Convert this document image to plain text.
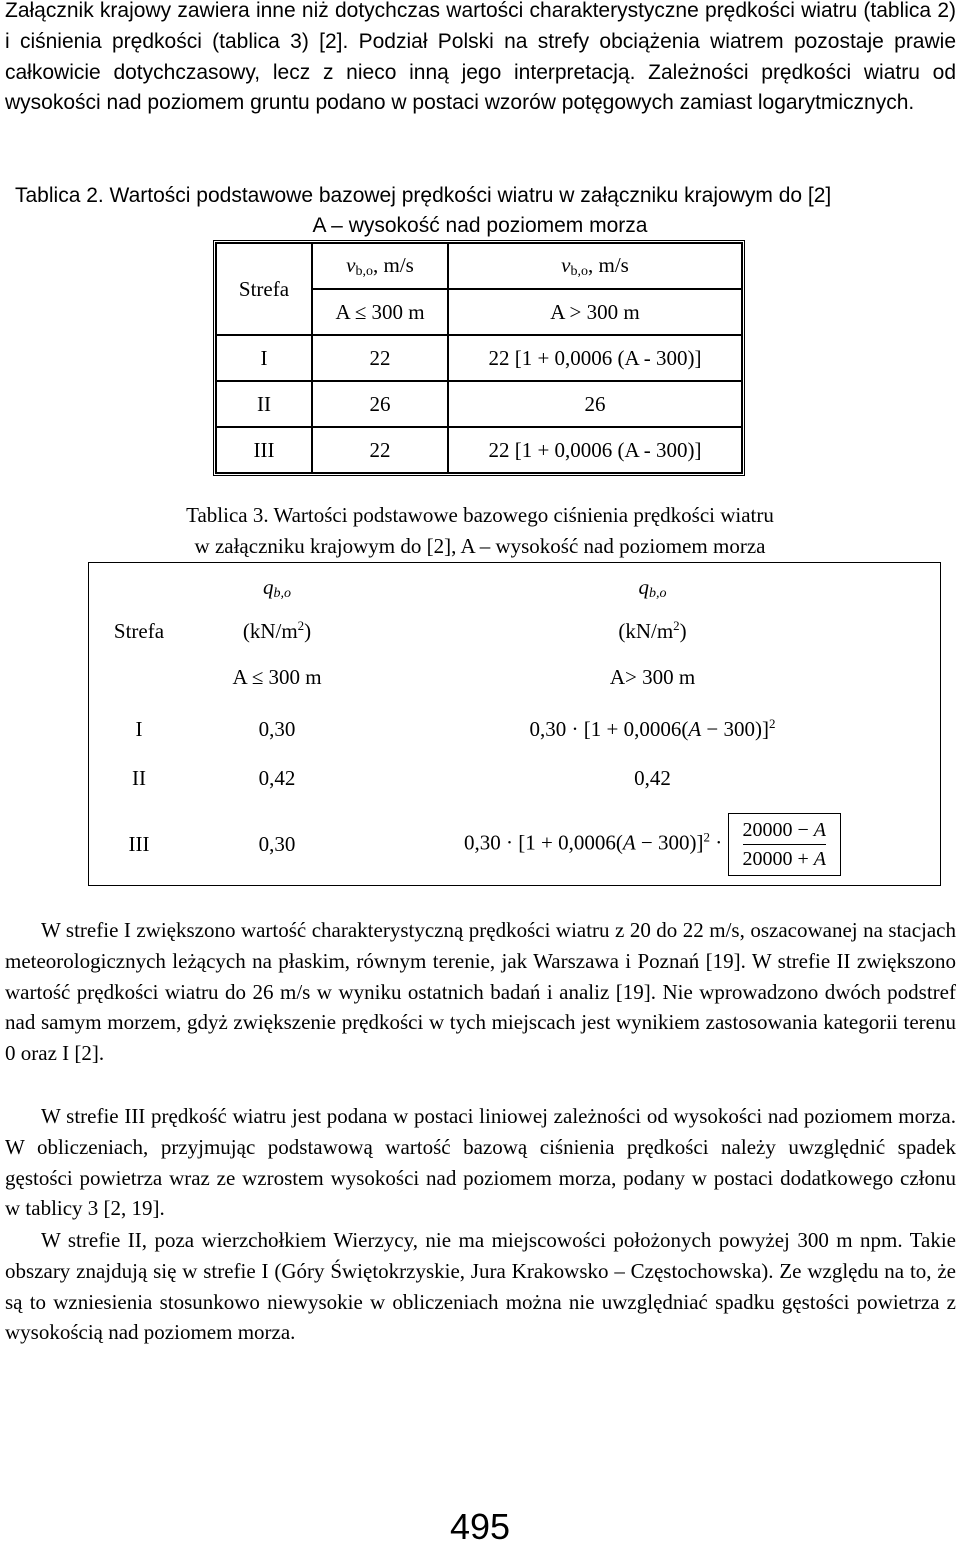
Załącznik krajowy zawiera inne niż dotychczas wartości charakterystyczne prędkości wiatru (tablica 2) i ciśnienia prędkości (tablica 3) [2]. Podział Polski na strefy obciążenia wiatrem pozostaje prawie całkowicie dotychczasowy, lecz z nieco inną jego interpretacją. Zależności prędkości wiatru od wysokości nad poziomem gruntu podano w postaci wzorów potęgowych zamiast logarytmicznych.

Tablica 2. Wartości podstawowe bazowej prędkości wiatru w załączniku krajowym do [2]
A – wysokość nad poziomem morza
Strefa	$v_{b,o}$, m/s	$v_{b,o}$, m/s
	A ≤ 300 m	A > 300 m
I	22	22 [1 + 0,0006 (A - 300)]
II	26	26
III	22	22 [1 + 0,0006 (A - 300)]
Tablica 3. Wartości podstawowe bazowego ciśnienia prędkości wiatru
w załączniku krajowym do [2], A – wysokość nad poziomem morza
	$q_{b,o}$	$q_{b,o}$
Strefa	$(kN/m^2)$	$(kN/m^2)$
	A ≤ 300 m	A> 300 m
I	0,30	$0,30 \cdot [1 + 0,0006(A - 300)]^2$
II	0,42	0,42
III	0,30	$0,30 \cdot [1 + 0,0006(A - 300)]^2 \cdot \frac{20000 - A}{20000 + A}$

W strefie I zwiększono wartość charakterystyczną prędkości wiatru z 20 do 22 m/s, oszacowanej na stacjach meteorologicznych leżących na płaskim, równym terenie, jak Warszawa i Poznań [19]. W strefie II zwiększono wartość prędkości wiatru do 26 m/s w wyniku ostatnich badań i analiz [19]. Nie wprowadzono dwóch podstref nad samym morzem, gdyż zwiększenie prędkości w tych miejscach jest wynikiem zastosowania kategorii terenu 0 oraz I [2].

W strefie III prędkość wiatru jest podana w postaci liniowej zależności od wysokości nad poziomem morza. W obliczeniach, przyjmując podstawową wartość bazową ciśnienia prędkości należy uwzględnić spadek gęstości powietrza wraz ze wzrostem wysokości nad poziomem morza, podany w postaci dodatkowego członu w tablicy 3 [2, 19].

W strefie II, poza wierzchołkiem Wierzycy, nie ma miejscowości położonych powyżej 300 m npm. Takie obszary znajdują się w strefie I (Góry Świętokrzyskie, Jura Krakowsko – Częstochowska). Ze względu na to, że są to wzniesienia stosunkowo niewysokie w obliczeniach można nie uwzględniać spadku gęstości powietrza z wysokością nad poziomem morza.

495
